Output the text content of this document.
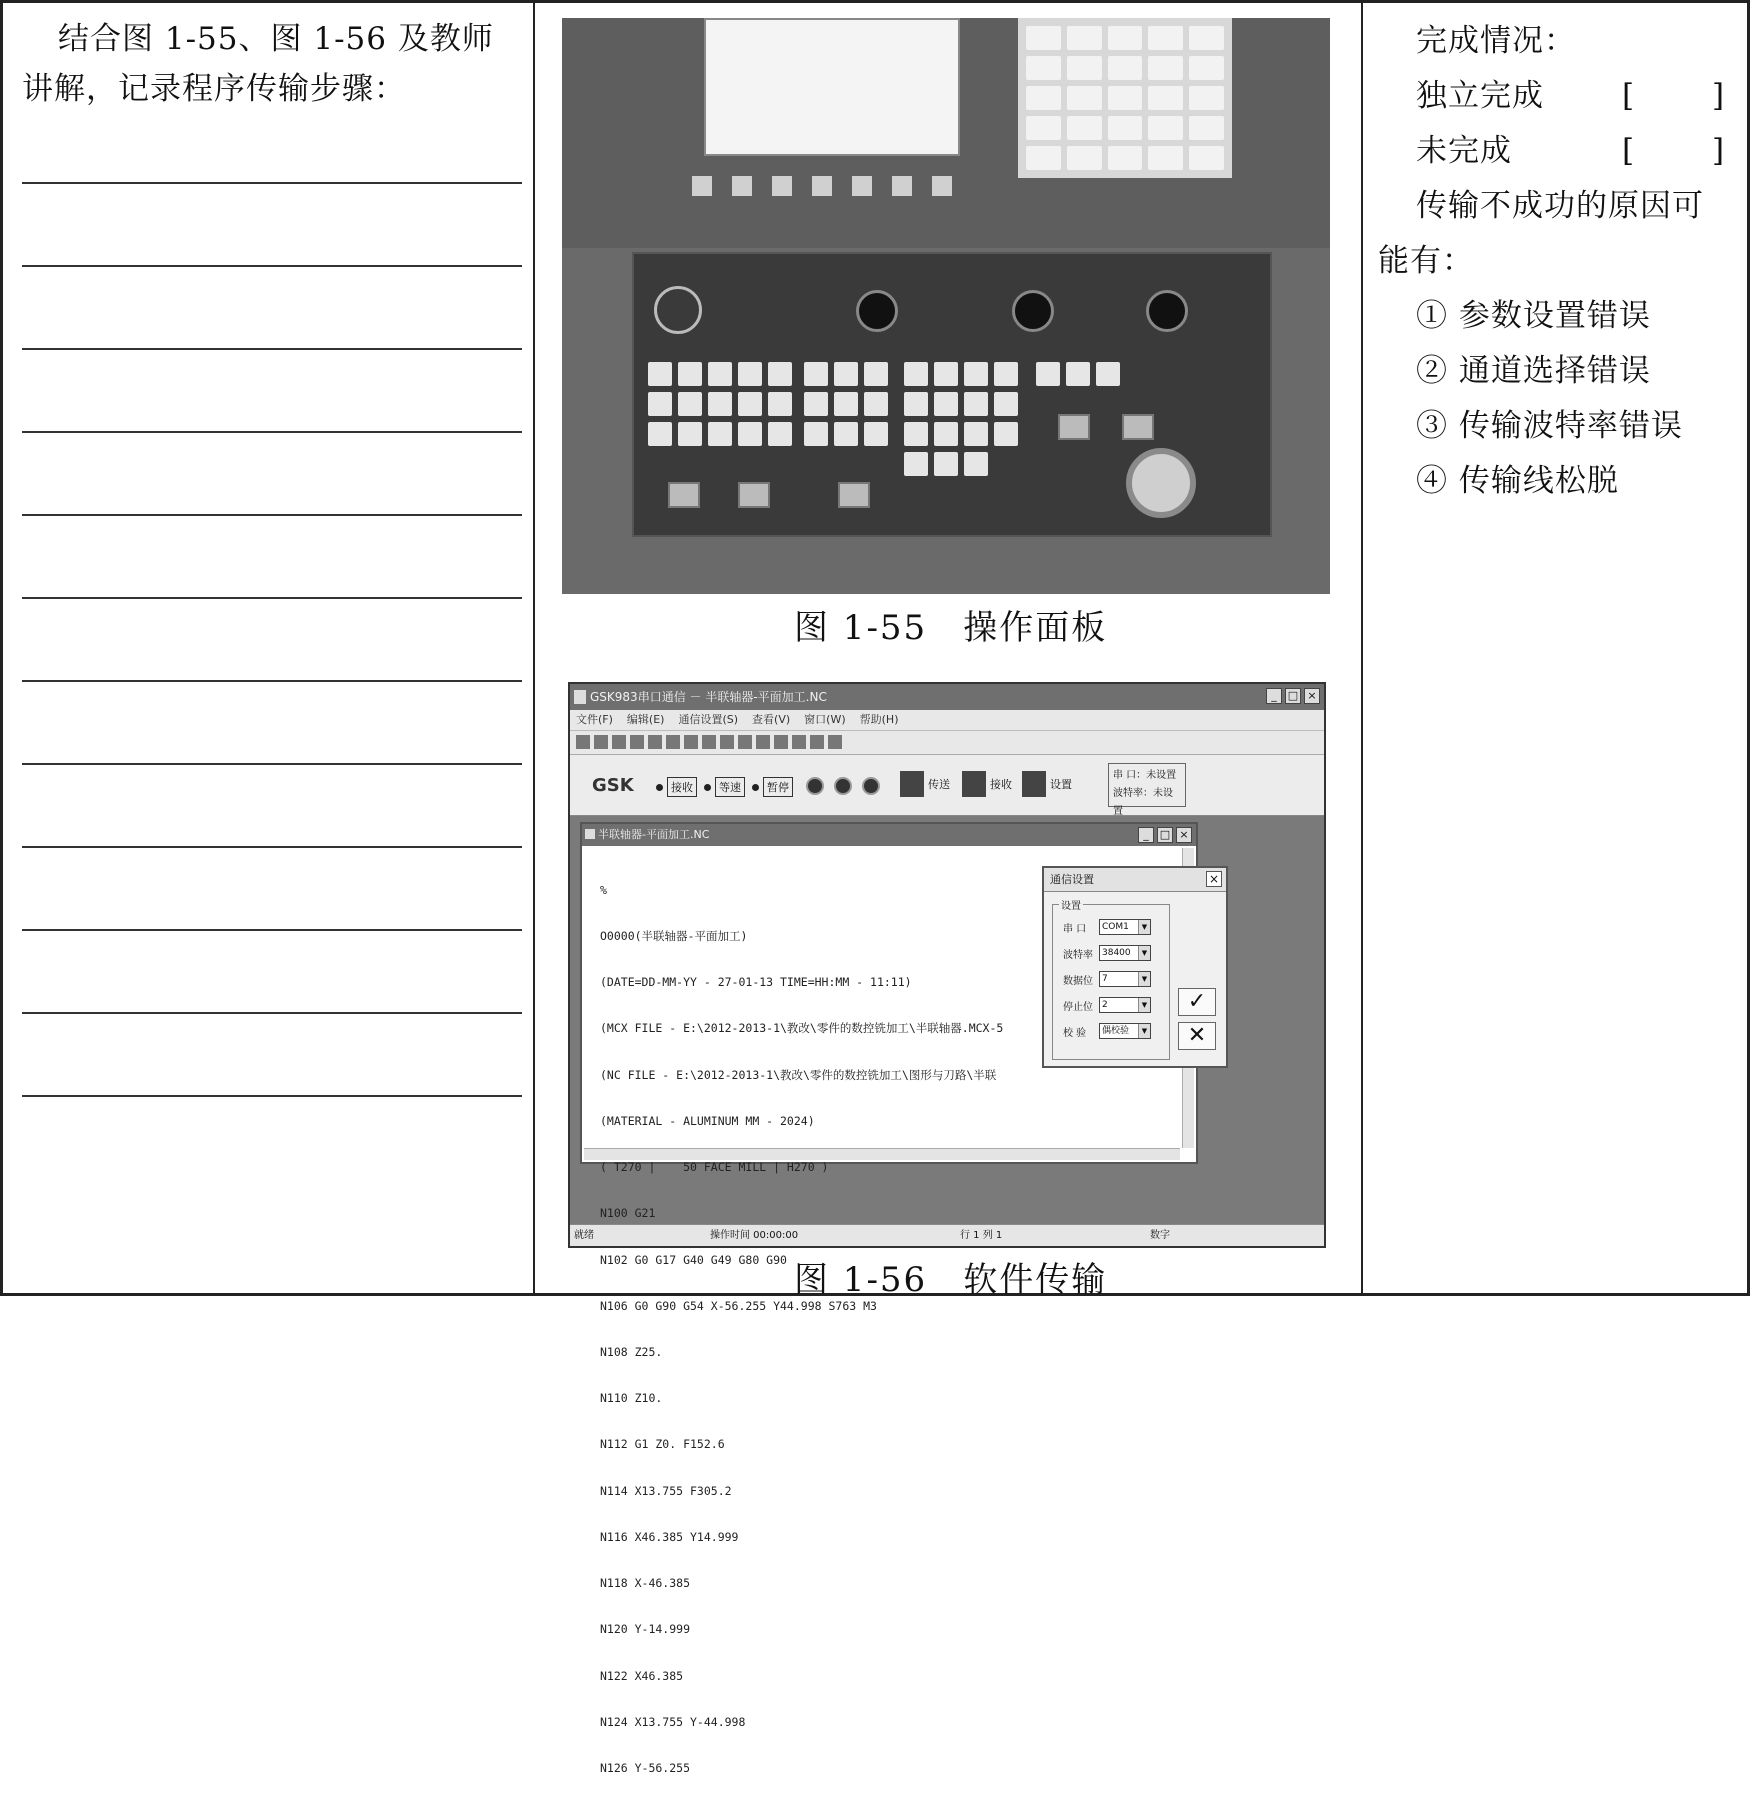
结合图 1-55、图 1-56 及教师讲解，记录程序传输步骤：
图 1-55　操作面板
GSK983串口通信 － 半联轴器-平面加工.NC	_	□ ×
文件(F) 编辑(E) 通信设置(S) 查看(V) 窗口(W) 帮助(H)
GSK	接收	等速	暂停	传送	接收	设置
串 口：未设置
波特率：未设置
半联轴器-平面加工.NC	_	□ ×

%

O0000(半联轴器-平面加工)

(DATE=DD-MM-YY - 27-01-13 TIME=HH:MM - 11:11)

(MCX FILE - E:\2012-2013-1\教改\零件的数控铣加工\半联轴器.MCX-5

(NC FILE - E:\2012-2013-1\教改\零件的数控铣加工\图形与刀路\半联

(MATERIAL - ALUMINUM MM - 2024)

( T270 |    50 FACE MILL | H270 )

N100 G21

N102 G0 G17 G40 G49 G80 G90

N106 G0 G90 G54 X-56.255 Y44.998 S763 M3

N108 Z25.

N110 Z10.

N112 G1 Z0. F152.6

N114 X13.755 F305.2

N116 X46.385 Y14.999

N118 X-46.385

N120 Y-14.999

N122 X46.385

N124 X13.755 Y-44.998

N126 Y-56.255

通信设置	×
设置
串 口	COM1	▼
波特率	38400	▼
数据位	7	▼
停止位	2	▼
校 验	偶校验	▼
✓
✕
就绪	操作时间 00:00:00	行 1 列 1	数字
图 1-56　软件传输
完成情况：
独立完成	[ ]
未完成	[ ]
传输不成功的原因可
能有：
① 参数设置错误
② 通道选择错误
③ 传输波特率错误
④ 传输线松脱
